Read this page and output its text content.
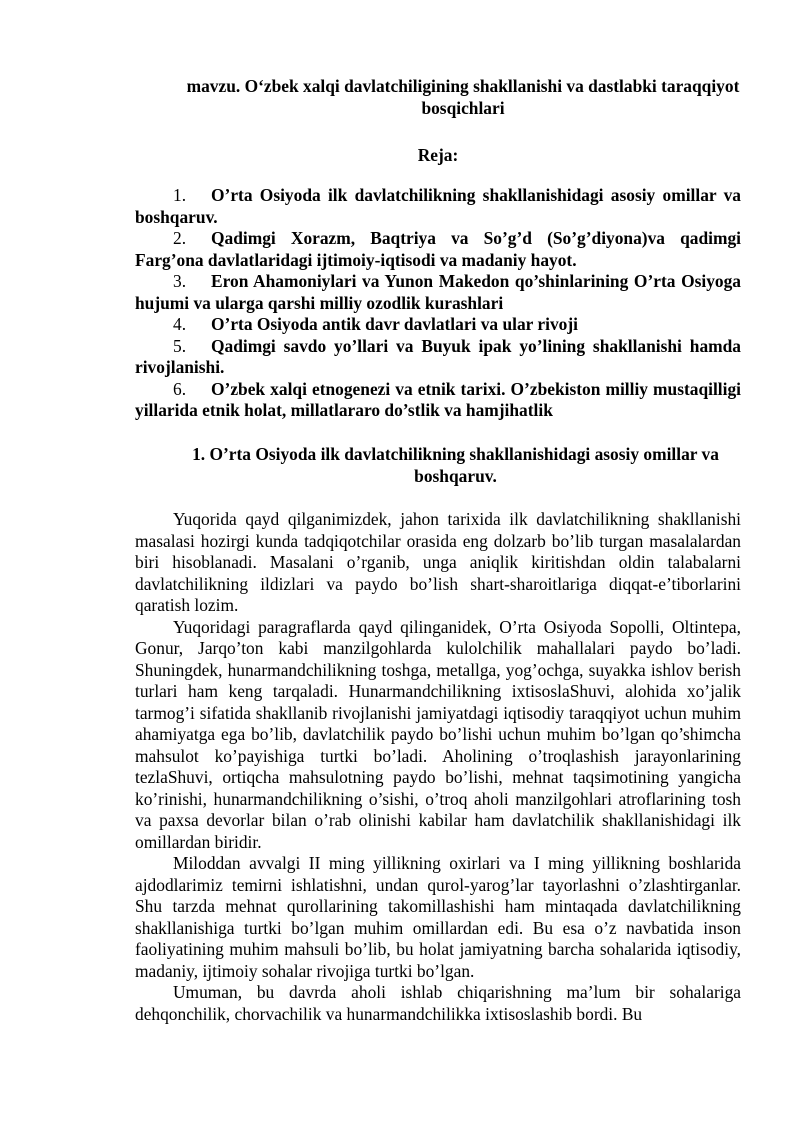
mavzu. O‘zbek xalqi davlatchiligining shakllanishi va dastlabki taraqqiyot bosqichlari
Reja:
1. O’rta Osiyoda ilk davlatchilikning shakllanishidagi asosiy omillar va boshqaruv.
2. Qadimgi Xorazm, Baqtriya va So’g’d (So’g’diyona)va qadimgi Farg’ona davlatlaridagi ijtimoiy-iqtisodi va madaniy hayot.
3. Eron Ahamoniylari va Yunon Makedon qo’shinlarining O’rta Osiyoga hujumi va ularga qarshi milliy ozodlik kurashlari
4. O’rta Osiyoda antik davr davlatlari va ular rivoji
5. Qadimgi savdo yo’llari va Buyuk ipak yo’lining shakllanishi hamda rivojlanishi.
6. O’zbek xalqi etnogenezi va etnik tarixi. O’zbekiston milliy mustaqilligi yillarida etnik holat, millatlararo do’stlik va hamjihatlik
1. O’rta Osiyoda ilk davlatchilikning shakllanishidagi asosiy omillar va boshqaruv.

Yuqorida qayd qilganimizdek, jahon tarixida ilk davlatchilikning shakllanishi masalasi hozirgi kunda tadqiqotchilar orasida eng dolzarb bo’lib turgan masalalardan biri hisoblanadi. Masalani o’rganib, unga aniqlik kiritishdan oldin talabalarni davlatchilikning ildizlari va paydo bo’lish shart-sharoitlariga diqqat-e’tiborlarini qaratish lozim.

Yuqoridagi paragraflarda qayd qilinganidek, O’rta Osiyoda Sopolli, Oltintepa, Gonur, Jarqo’ton kabi manzilgohlarda kulolchilik mahallalari paydo bo’ladi. Shuningdek, hunarmandchilikning toshga, metallga, yog’ochga, suyakka ishlov berish turlari ham keng tarqaladi. Hunarmandchilikning ixtisoslaShuvi, alohida xo’jalik tarmog’i sifatida shakllanib rivojlanishi jamiyatdagi iqtisodiy taraqqiyot uchun muhim ahamiyatga ega bo’lib, davlatchilik paydo bo’lishi uchun muhim bo’lgan qo’shimcha mahsulot ko’payishiga turtki bo’ladi. Aholining o’troqlashish jarayonlarining tezlaShuvi, ortiqcha mahsulotning paydo bo’lishi, mehnat taqsimotining yangicha ko’rinishi, hunarmandchilikning o’sishi, o’troq aholi manzilgohlari atroflarining tosh va paxsa devorlar bilan o’rab olinishi kabilar ham davlatchilik shakllanishidagi ilk omillardan biridir.

Miloddan avvalgi II ming yillikning oxirlari va I ming yillikning boshlarida ajdodlarimiz temirni ishlatishni, undan qurol-yarog’lar tayorlashni o’zlashtirganlar. Shu tarzda mehnat qurollarining takomillashishi ham mintaqada davlatchilikning shakllanishiga turtki bo’lgan muhim omillardan edi. Bu esa o’z navbatida inson faoliyatining muhim mahsuli bo’lib, bu holat jamiyatning barcha sohalarida iqtisodiy, madaniy, ijtimoiy sohalar rivojiga turtki bo’lgan.

Umuman, bu davrda aholi ishlab chiqarishning ma’lum bir sohalariga dehqonchilik, chorvachilik va hunarmandchilikka ixtisoslashib bordi. Bu
